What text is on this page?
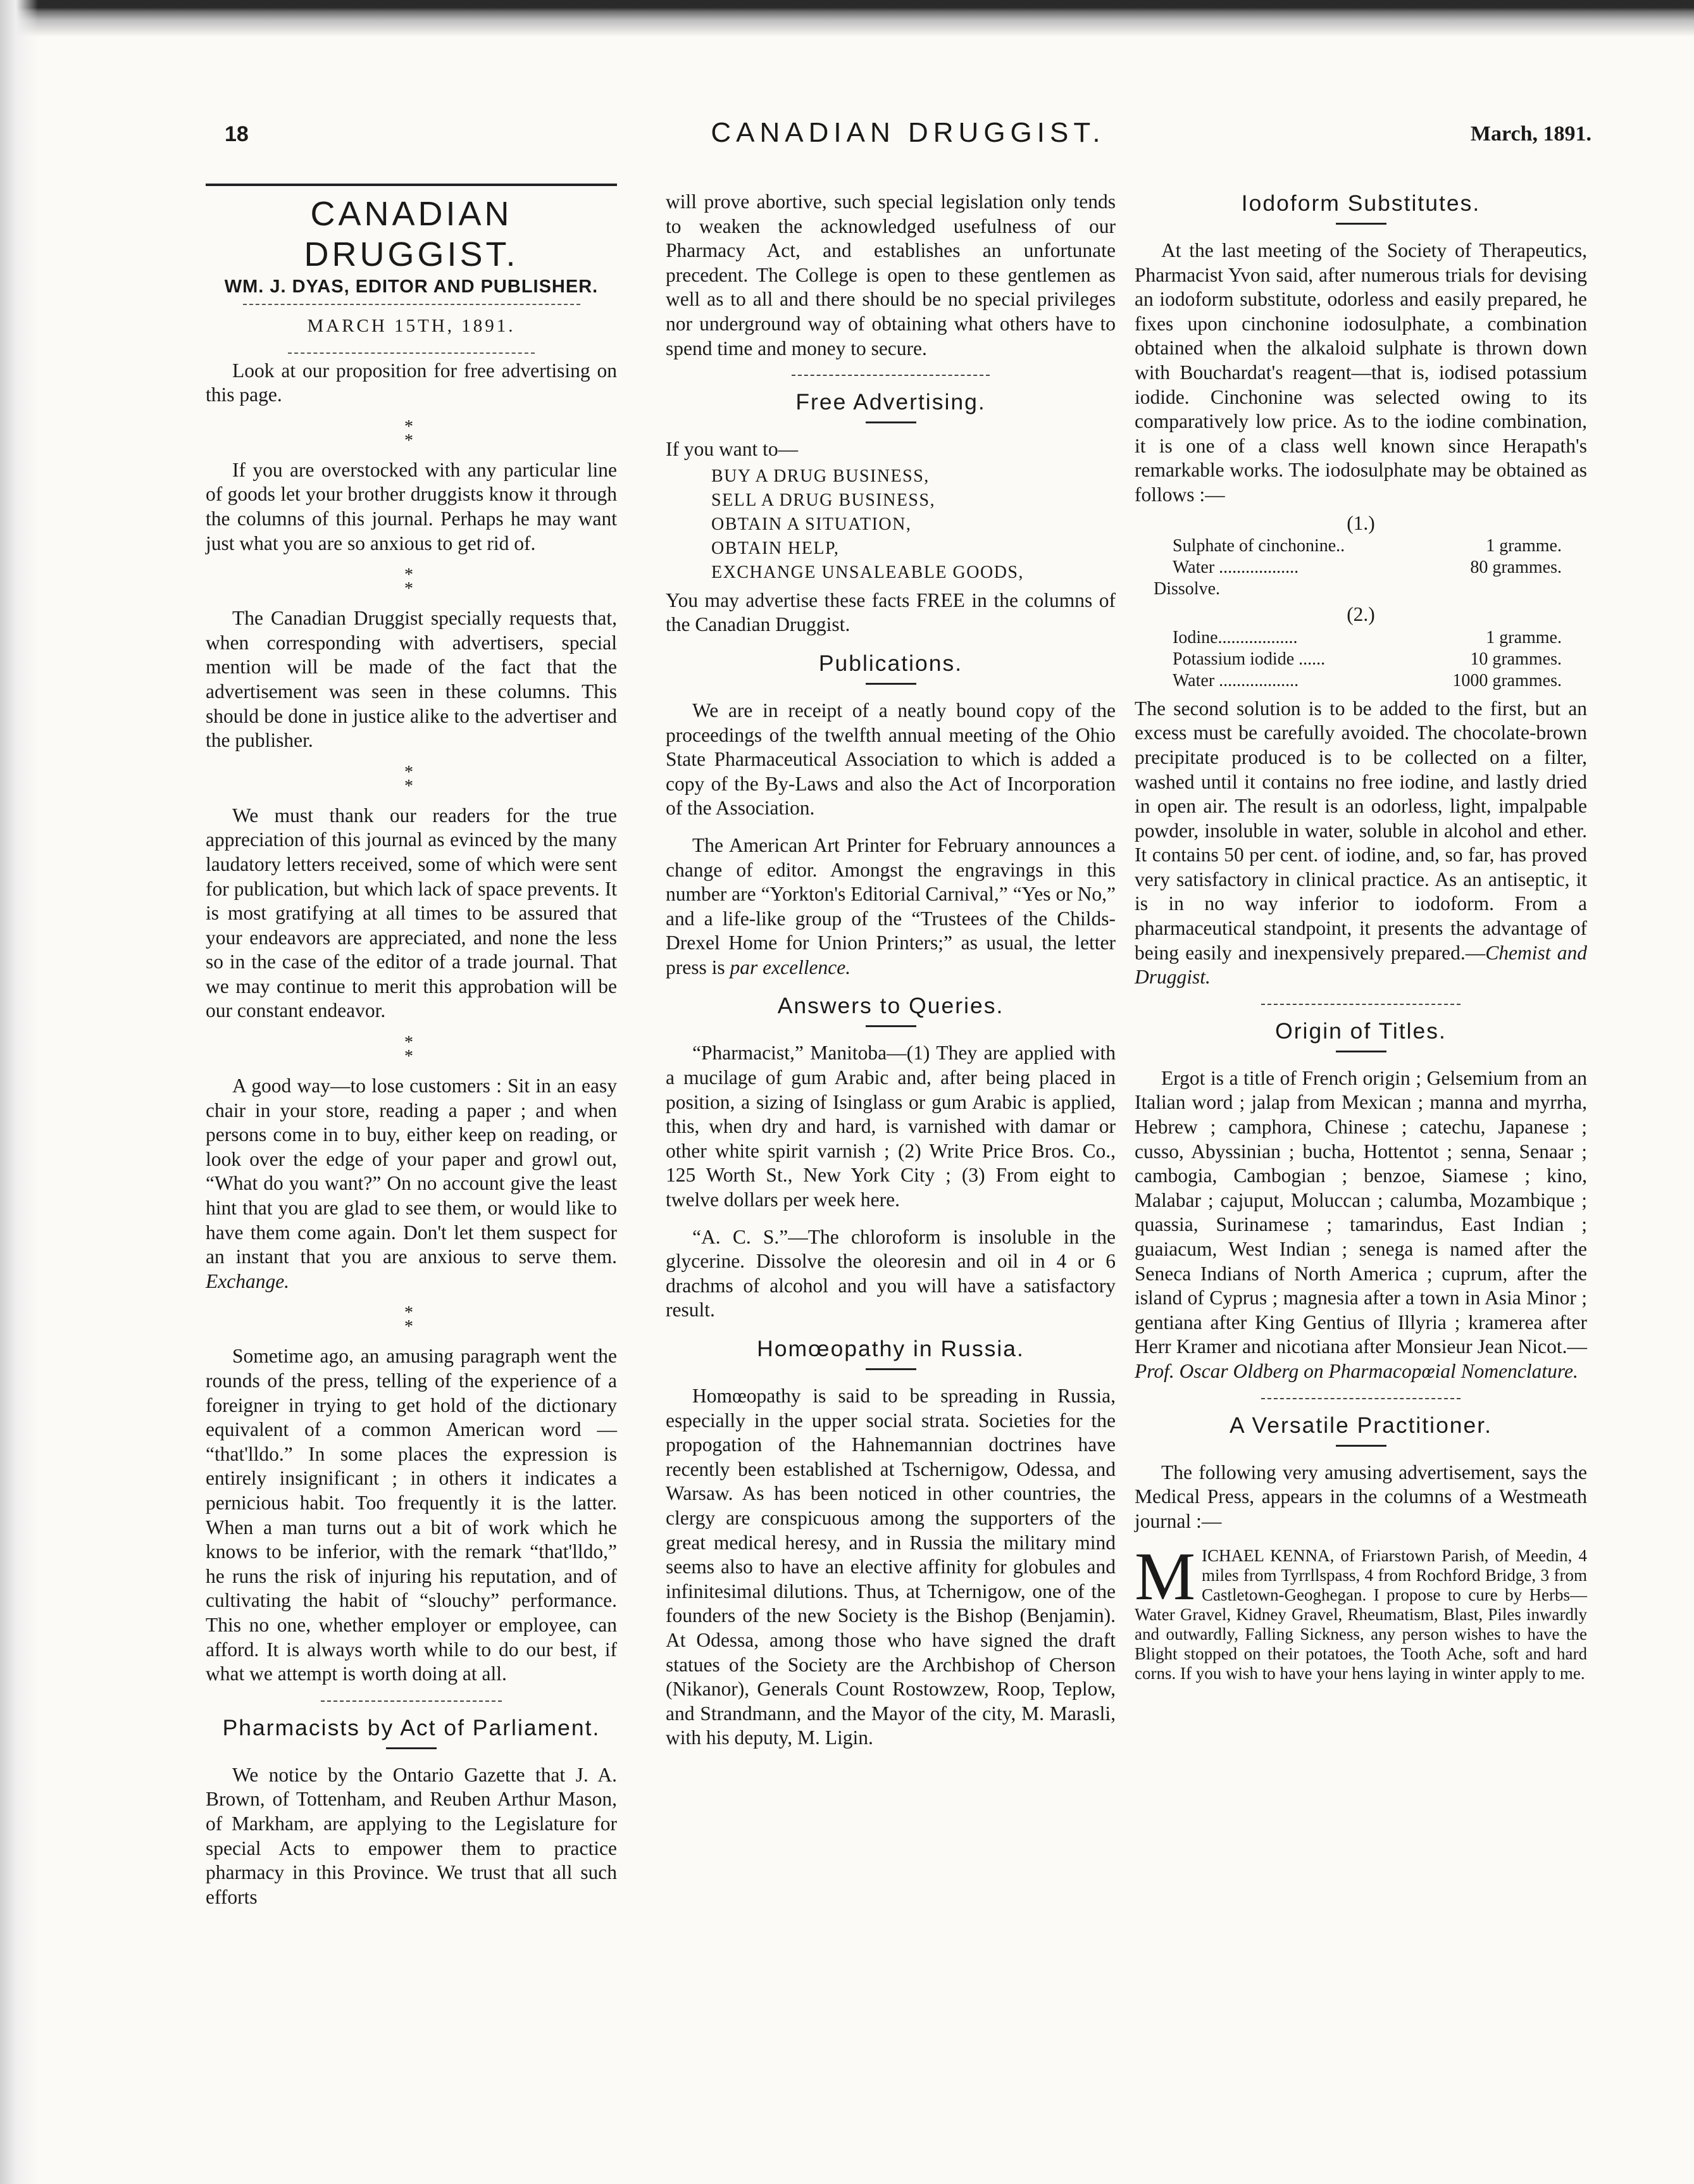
18	CANADIAN DRUGGIST.	March, 1891.
CANADIAN DRUGGIST.
WM. J. DYAS, EDITOR AND PUBLISHER.
MARCH 15TH, 1891.

Look at our proposition for free advertising on this page.

*
*

If you are overstocked with any particular line of goods let your brother druggists know it through the columns of this journal. Perhaps he may want just what you are so anxious to get rid of.

*
*

The Canadian Druggist specially requests that, when corresponding with advertisers, special mention will be made of the fact that the advertisement was seen in these columns. This should be done in justice alike to the advertiser and the publisher.

*
*

We must thank our readers for the true appreciation of this journal as evinced by the many laudatory letters received, some of which were sent for publication, but which lack of space prevents. It is most gratifying at all times to be assured that your endeavors are appreciated, and none the less so in the case of the editor of a trade journal. That we may continue to merit this approbation will be our constant endeavor.

*
*

A good way—to lose customers : Sit in an easy chair in your store, reading a paper ; and when persons come in to buy, either keep on reading, or look over the edge of your paper and growl out, “What do you want?” On no account give the least hint that you are glad to see them, or would like to have them come again. Don't let them suspect for an instant that you are anxious to serve them. Exchange.

*
*

Sometime ago, an amusing paragraph went the rounds of the press, telling of the experience of a foreigner in trying to get hold of the dictionary equivalent of a common American word — “that'lldo.” In some places the expression is entirely insignificant ; in others it indicates a pernicious habit. Too frequently it is the latter. When a man turns out a bit of work which he knows to be inferior, with the remark “that'lldo,” he runs the risk of injuring his reputation, and of cultivating the habit of “slouchy” performance. This no one, whether employer or employee, can afford. It is always worth while to do our best, if what we attempt is worth doing at all.

Pharmacists by Act of Parliament.

We notice by the Ontario Gazette that J. A. Brown, of Tottenham, and Reuben Arthur Mason, of Markham, are applying to the Legislature for special Acts to empower them to practice pharmacy in this Province. We trust that all such efforts

will prove abortive, such special legislation only tends to weaken the acknowledged usefulness of our Pharmacy Act, and establishes an unfortunate precedent. The College is open to these gentlemen as well as to all and there should be no special privileges nor underground way of obtaining what others have to spend time and money to secure.

Free Advertising.

If you want to—

BUY A DRUG BUSINESS,
SELL A DRUG BUSINESS,
OBTAIN A SITUATION,
OBTAIN HELP,
EXCHANGE UNSALEABLE GOODS,

You may advertise these facts FREE in the columns of the Canadian Druggist.

Publications.

We are in receipt of a neatly bound copy of the proceedings of the twelfth annual meeting of the Ohio State Pharmaceutical Association to which is added a copy of the By-Laws and also the Act of Incorporation of the Association.

The American Art Printer for February announces a change of editor. Amongst the engravings in this number are “Yorkton's Editorial Carnival,” “Yes or No,” and a life-like group of the “Trustees of the Childs-Drexel Home for Union Printers;” as usual, the letter press is par excellence.

Answers to Queries.

“Pharmacist,” Manitoba—(1) They are applied with a mucilage of gum Arabic and, after being placed in position, a sizing of Isinglass or gum Arabic is applied, this, when dry and hard, is varnished with damar or other white spirit varnish ; (2) Write Price Bros. Co., 125 Worth St., New York City ; (3) From eight to twelve dollars per week here.

“A. C. S.”—The chloroform is insoluble in the glycerine. Dissolve the oleoresin and oil in 4 or 6 drachms of alcohol and you will have a satisfactory result.

Homœopathy in Russia.

Homœopathy is said to be spreading in Russia, especially in the upper social strata. Societies for the propogation of the Hahnemannian doctrines have recently been established at Tschernigow, Odessa, and Warsaw. As has been noticed in other countries, the clergy are conspicuous among the supporters of the great medical heresy, and in Russia the military mind seems also to have an elective affinity for globules and infinitesimal dilutions. Thus, at Tchernigow, one of the founders of the new Society is the Bishop (Benjamin). At Odessa, among those who have signed the draft statues of the Society are the Archbishop of Cherson (Nikanor), Generals Count Rostowzew, Roop, Teplow, and Strandmann, and the Mayor of the city, M. Marasli, with his deputy, M. Ligin.

Iodoform Substitutes.

At the last meeting of the Society of Therapeutics, Pharmacist Yvon said, after numerous trials for devising an iodoform substitute, odorless and easily prepared, he fixes upon cinchonine iodosulphate, a combination obtained when the alkaloid sulphate is thrown down with Bouchardat's reagent—that is, iodised potassium iodide. Cinchonine was selected owing to its comparatively low price. As to the iodine combination, it is one of a class well known since Herapath's remarkable works. The iodosulphate may be obtained as follows :—

(1.)
Sulphate of cinchonine..	1 gramme.
Water ..................	80 grammes.
Dissolve.
(2.)
Iodine..................	1 gramme.
Potassium iodide ......	10 grammes.
Water ..................	1000 grammes.

The second solution is to be added to the first, but an excess must be carefully avoided. The chocolate-brown precipitate produced is to be collected on a filter, washed until it contains no free iodine, and lastly dried in open air. The result is an odorless, light, impalpable powder, insoluble in water, soluble in alcohol and ether. It contains 50 per cent. of iodine, and, so far, has proved very satisfactory in clinical practice. As an antiseptic, it is in no way inferior to iodoform. From a pharmaceutical standpoint, it presents the advantage of being easily and inexpensively prepared.—Chemist and Druggist.

Origin of Titles.

Ergot is a title of French origin ; Gelsemium from an Italian word ; jalap from Mexican ; manna and myrrha, Hebrew ; camphora, Chinese ; catechu, Japanese ; cusso, Abyssinian ; bucha, Hottentot ; senna, Senaar ; cambogia, Cambogian ; benzoe, Siamese ; kino, Malabar ; cajuput, Moluccan ; calumba, Mozambique ; quassia, Surinamese ; tamarindus, East Indian ; guaiacum, West Indian ; senega is named after the Seneca Indians of North America ; cuprum, after the island of Cyprus ; magnesia after a town in Asia Minor ; gentiana after King Gentius of Illyria ; kramerea after Herr Kramer and nicotiana after Monsieur Jean Nicot.—Prof. Oscar Oldberg on Pharmacopœial Nomenclature.

A Versatile Practitioner.

The following very amusing advertisement, says the Medical Press, appears in the columns of a Westmeath journal :—

MICHAEL KENNA, of Friarstown Parish, of Meedin, 4 miles from Tyrrllspass, 4 from Rochford Bridge, 3 from Castletown-Geoghegan. I propose to cure by Herbs—Water Gravel, Kidney Gravel, Rheumatism, Blast, Piles inwardly and outwardly, Falling Sickness, any person wishes to have the Blight stopped on their potatoes, the Tooth Ache, soft and hard corns. If you wish to have your hens laying in winter apply to me.
